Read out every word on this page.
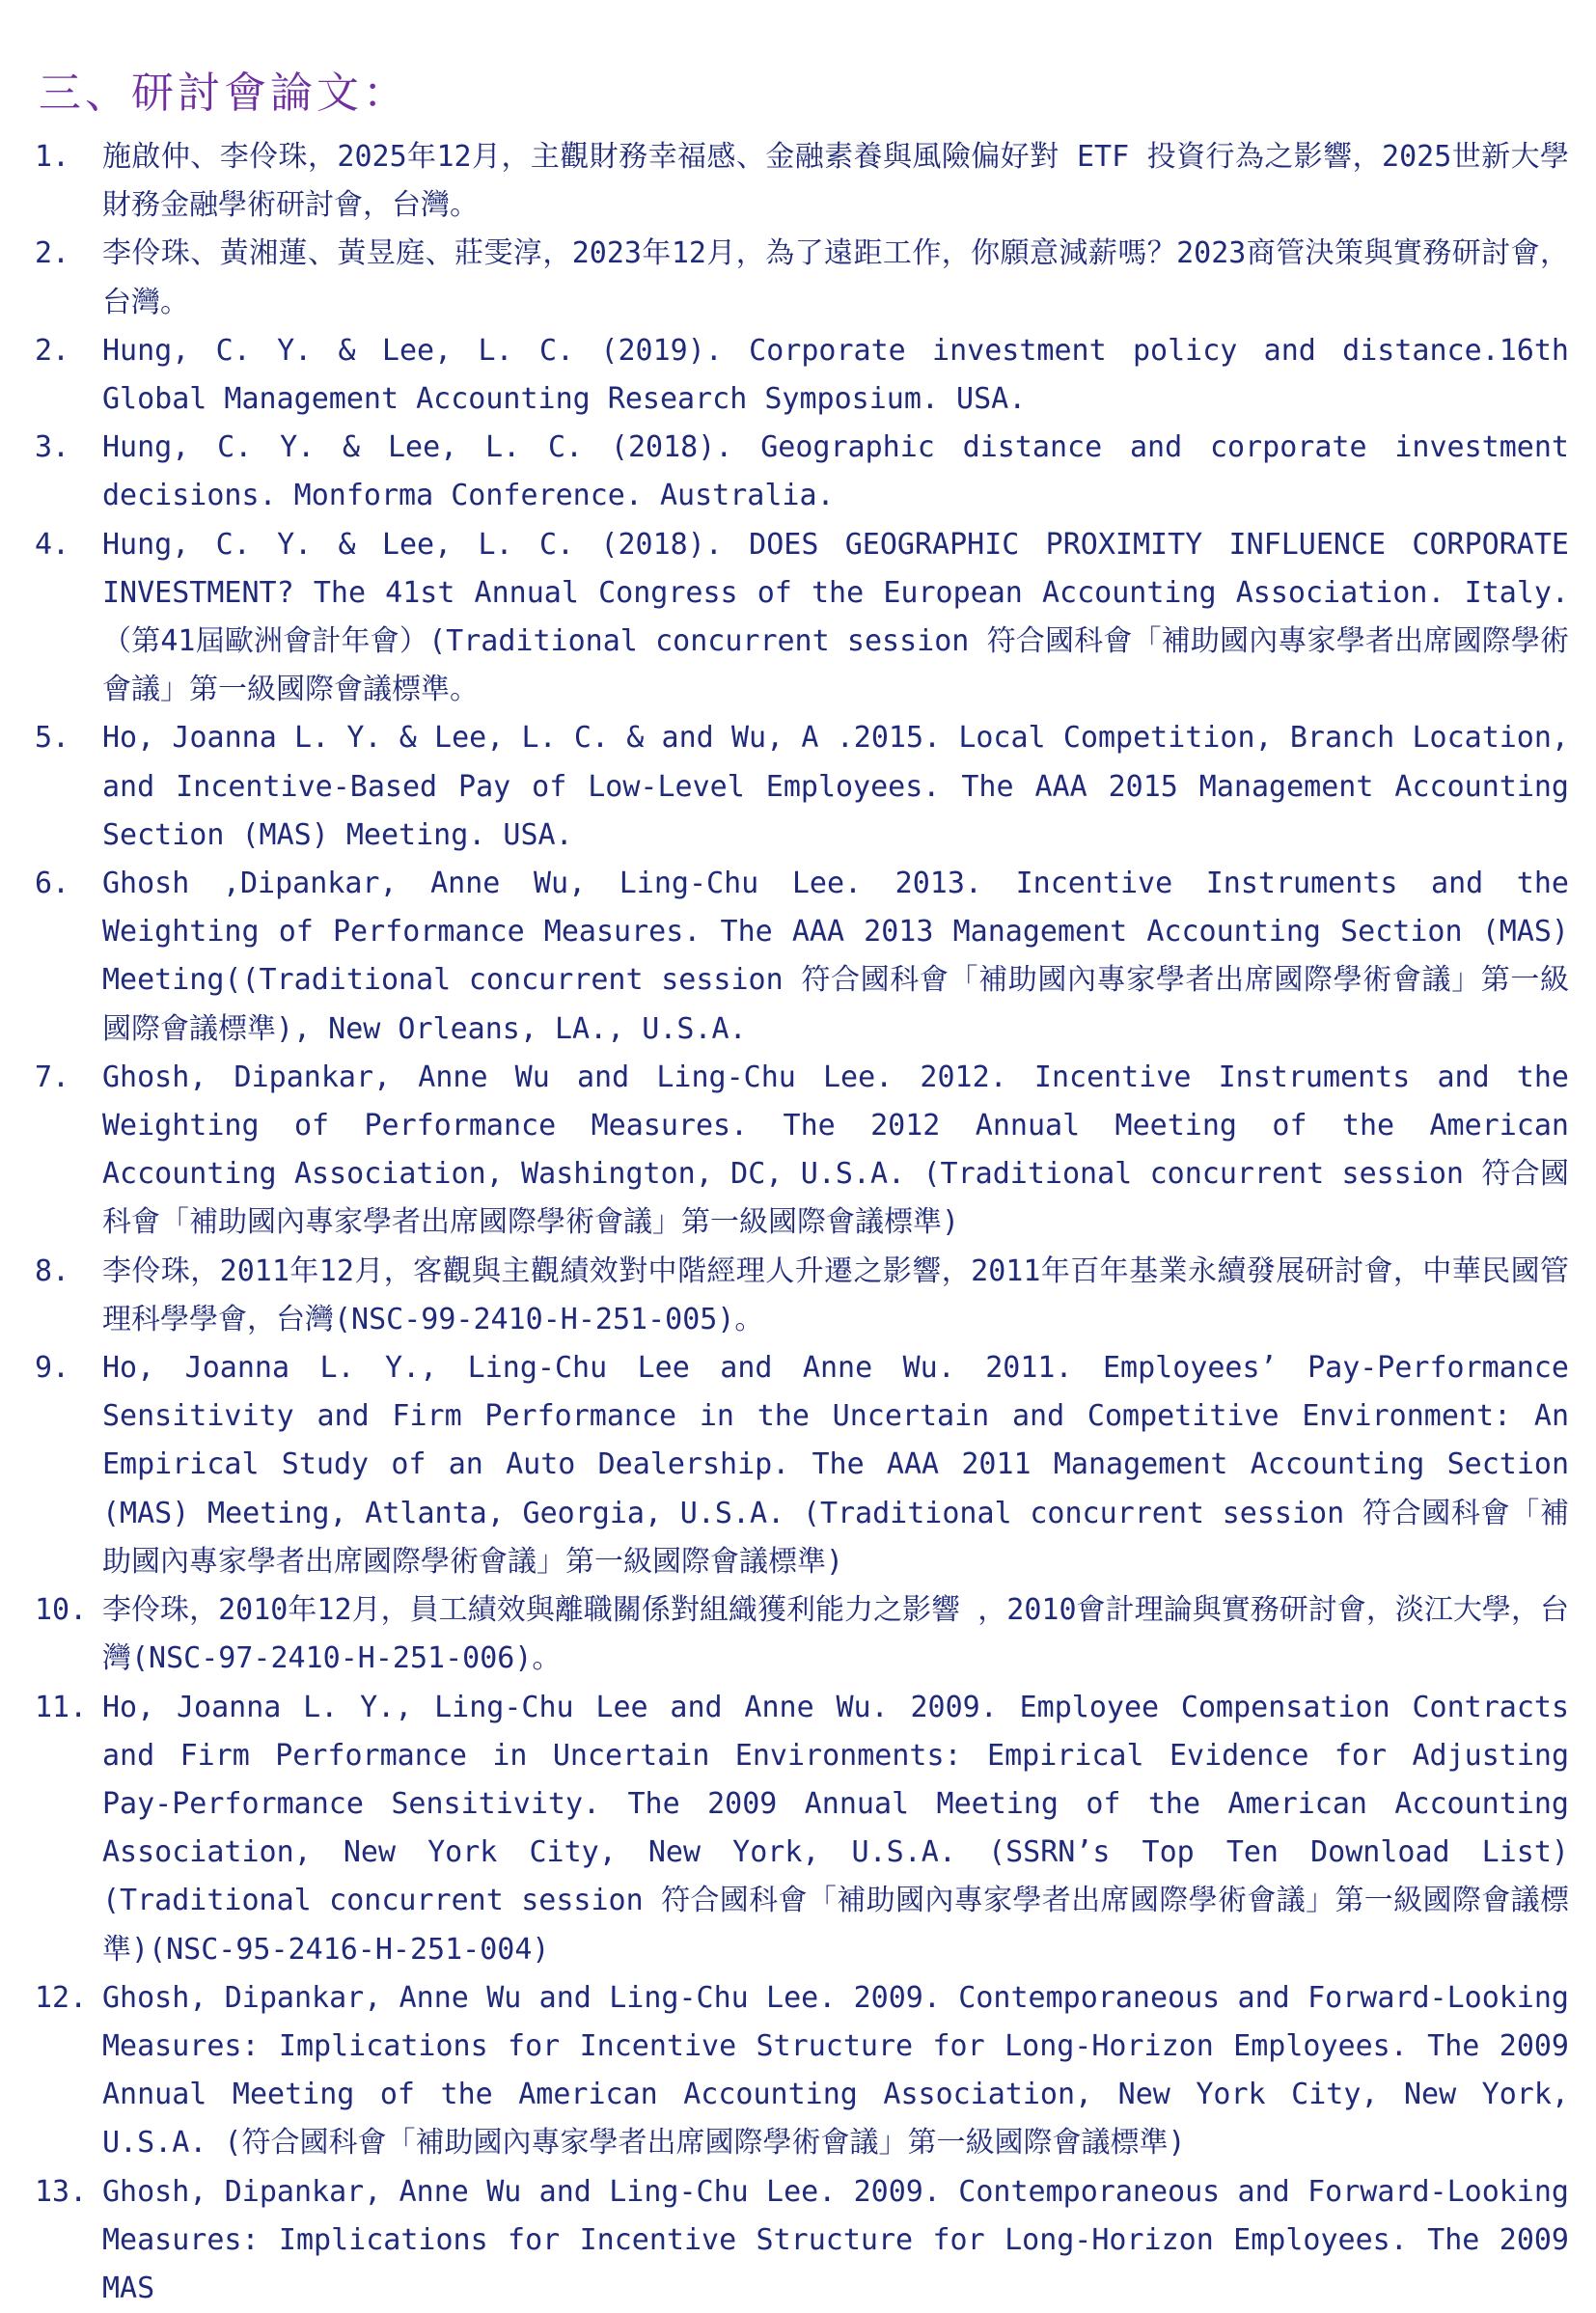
三、研討會論文：
1.	施啟仲、李伶珠，2025年12月，主觀財務幸福感、金融素養與風險偏好對 ETF 投資行為之影響，2025世新大學財務金融學術研討會，台灣。
2.	李伶珠、黃湘蓮、黃昱庭、莊雯淳，2023年12月，為了遠距工作，你願意減薪嗎？2023商管決策與實務研討會，台灣。
2.	Hung, C. Y. & Lee, L. C. (2019). Corporate investment policy and distance.16th Global Management Accounting Research Symposium. USA.
3.	Hung, C. Y. & Lee, L. C. (2018). Geographic distance and corporate investment decisions. Monforma Conference. Australia.
4.	Hung, C. Y. & Lee, L. C. (2018). DOES GEOGRAPHIC PROXIMITY INFLUENCE CORPORATE INVESTMENT? The 41st Annual Congress of the European Accounting Association. Italy.（第41屆歐洲會計年會）(Traditional concurrent session 符合國科會「補助國內專家學者出席國際學術會議」第一級國際會議標準。
5.	Ho, Joanna L. Y. & Lee, L. C. & and Wu, A .2015. Local Competition, Branch Location, and Incentive-Based Pay of Low-Level Employees. The AAA 2015 Management Accounting Section (MAS) Meeting. USA.
6.	Ghosh ,Dipankar, Anne Wu, Ling-Chu Lee. 2013. Incentive Instruments and the Weighting of Performance Measures. The AAA 2013 Management Accounting Section (MAS) Meeting((Traditional concurrent session 符合國科會「補助國內專家學者出席國際學術會議」第一級國際會議標準), New Orleans, LA., U.S.A.
7.	Ghosh, Dipankar, Anne Wu and Ling-Chu Lee. 2012. Incentive Instruments and the Weighting of Performance Measures. The 2012 Annual Meeting of the American Accounting Association, Washington, DC, U.S.A. (Traditional concurrent session 符合國科會「補助國內專家學者出席國際學術會議」第一級國際會議標準)
8.	李伶珠，2011年12月，客觀與主觀績效對中階經理人升遷之影響，2011年百年基業永續發展研討會，中華民國管理科學學會，台灣(NSC-99-2410-H-251-005)。
9.	Ho, Joanna L. Y., Ling-Chu Lee and Anne Wu. 2011. Employees’ Pay-Performance Sensitivity and Firm Performance in the Uncertain and Competitive Environment: An Empirical Study of an Auto Dealership. The AAA 2011 Management Accounting Section (MAS) Meeting, Atlanta, Georgia, U.S.A. (Traditional concurrent session 符合國科會「補助國內專家學者出席國際學術會議」第一級國際會議標準)
10. 李伶珠，2010年12月，員工績效與離職關係對組織獲利能力之影響 ，2010會計理論與實務研討會，淡江大學，台灣(NSC-97-2410-H-251-006)。
11. Ho, Joanna L. Y., Ling-Chu Lee and Anne Wu. 2009. Employee Compensation Contracts and Firm Performance in Uncertain Environments: Empirical Evidence for Adjusting Pay-Performance Sensitivity. The 2009 Annual Meeting of the American Accounting Association, New York City, New York, U.S.A. (SSRN’s Top Ten Download List) (Traditional concurrent session 符合國科會「補助國內專家學者出席國際學術會議」第一級國際會議標準)(NSC-95-2416-H-251-004)
12. Ghosh, Dipankar, Anne Wu and Ling-Chu Lee. 2009. Contemporaneous and Forward-Looking Measures: Implications for Incentive Structure for Long-Horizon Employees. The 2009 Annual Meeting of the American Accounting Association, New York City, New York, U.S.A. (符合國科會「補助國內專家學者出席國際學術會議」第一級國際會議標準)
13. Ghosh, Dipankar, Anne Wu and Ling-Chu Lee. 2009. Contemporaneous and Forward-Looking Measures: Implications for Incentive Structure for Long-Horizon Employees. The 2009 MAS
